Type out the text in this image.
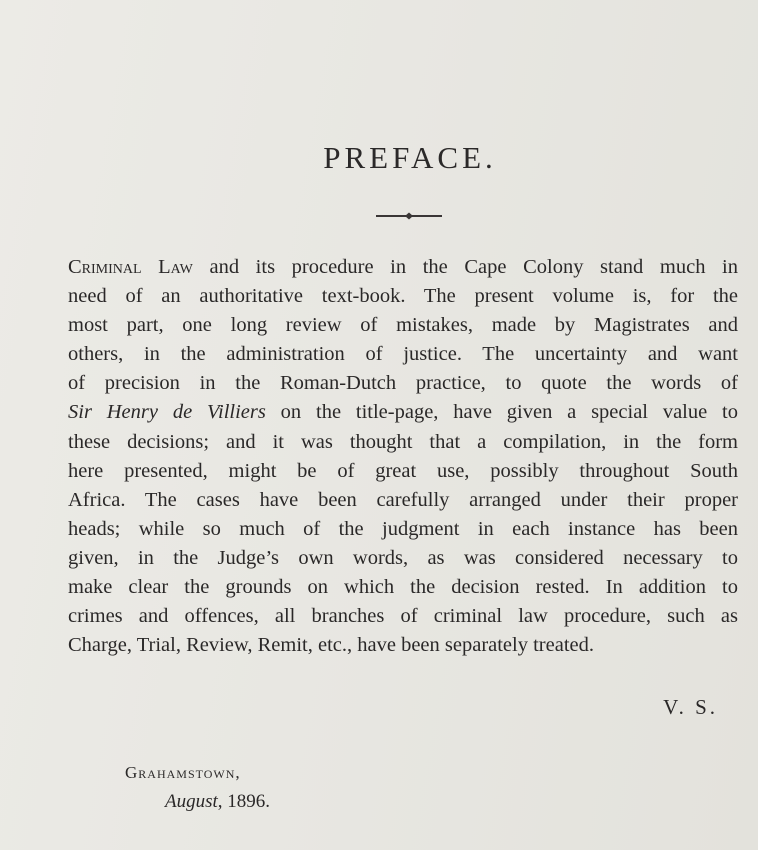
PREFACE.
Criminal Law and its procedure in the Cape Colony stand much in
need of an authoritative text-book. The present volume is, for the
most part, one long review of mistakes, made by Magistrates and
others, in the administration of justice. The uncertainty and want
of precision in the Roman-Dutch practice, to quote the words of
Sir Henry de Villiers on the title-page, have given a special value to
these decisions; and it was thought that a compilation, in the form
here presented, might be of great use, possibly throughout South
Africa. The cases have been carefully arranged under their proper
heads; while so much of the judgment in each instance has been
given, in the Judge’s own words, as was considered necessary to
make clear the grounds on which the decision rested. In addition to
crimes and offences, all branches of criminal law procedure, such as
Charge, Trial, Review, Remit, etc., have been separately treated.
V. S.
Grahamstown,
August, 1896.
